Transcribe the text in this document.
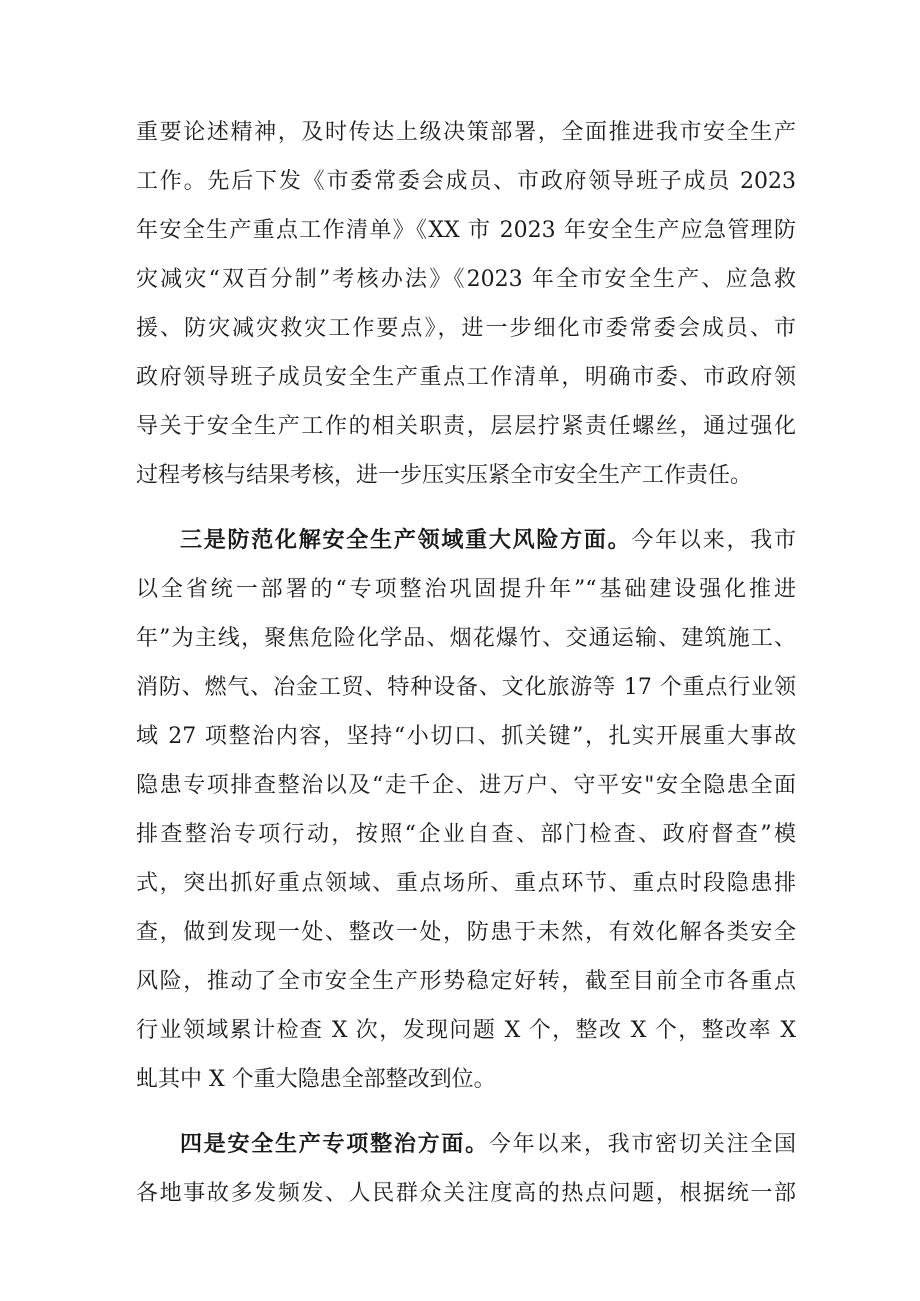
重要论述精神，及时传达上级决策部署，全面推进我市安全生产
工作。先后下发《市委常委会成员、市政府领导班子成员 2023
年安全生产重点工作清单》《XX 市 2023 年安全生产应急管理防
灾减灾“双百分制”考核办法》《2023 年全市安全生产、应急救
援、防灾减灾救灾工作要点》，进一步细化市委常委会成员、市
政府领导班子成员安全生产重点工作清单，明确市委、市政府领
导关于安全生产工作的相关职责，层层拧紧责任螺丝，通过强化
过程考核与结果考核，进一步压实压紧全市安全生产工作责任。
三是防范化解安全生产领域重大风险方面。今年以来，我市
以全省统一部署的“专项整治巩固提升年”“基础建设强化推进
年”为主线，聚焦危险化学品、烟花爆竹、交通运输、建筑施工、
消防、燃气、冶金工贸、特种设备、文化旅游等 17 个重点行业领
域 27 项整治内容，坚持“小切口、抓关键”，扎实开展重大事故
隐患专项排查整治以及“走千企、进万户、守平安"安全隐患全面
排查整治专项行动，按照“企业自查、部门检查、政府督查”模
式，突出抓好重点领域、重点场所、重点环节、重点时段隐患排
查，做到发现一处、整改一处，防患于未然，有效化解各类安全
风险，推动了全市安全生产形势稳定好转，截至目前全市各重点
行业领域累计检查 X 次，发现问题 X 个，整改 X 个，整改率 X
虬其中 X 个重大隐患全部整改到位。
四是安全生产专项整治方面。今年以来，我市密切关注全国
各地事故多发频发、人民群众关注度高的热点问题，根据统一部
